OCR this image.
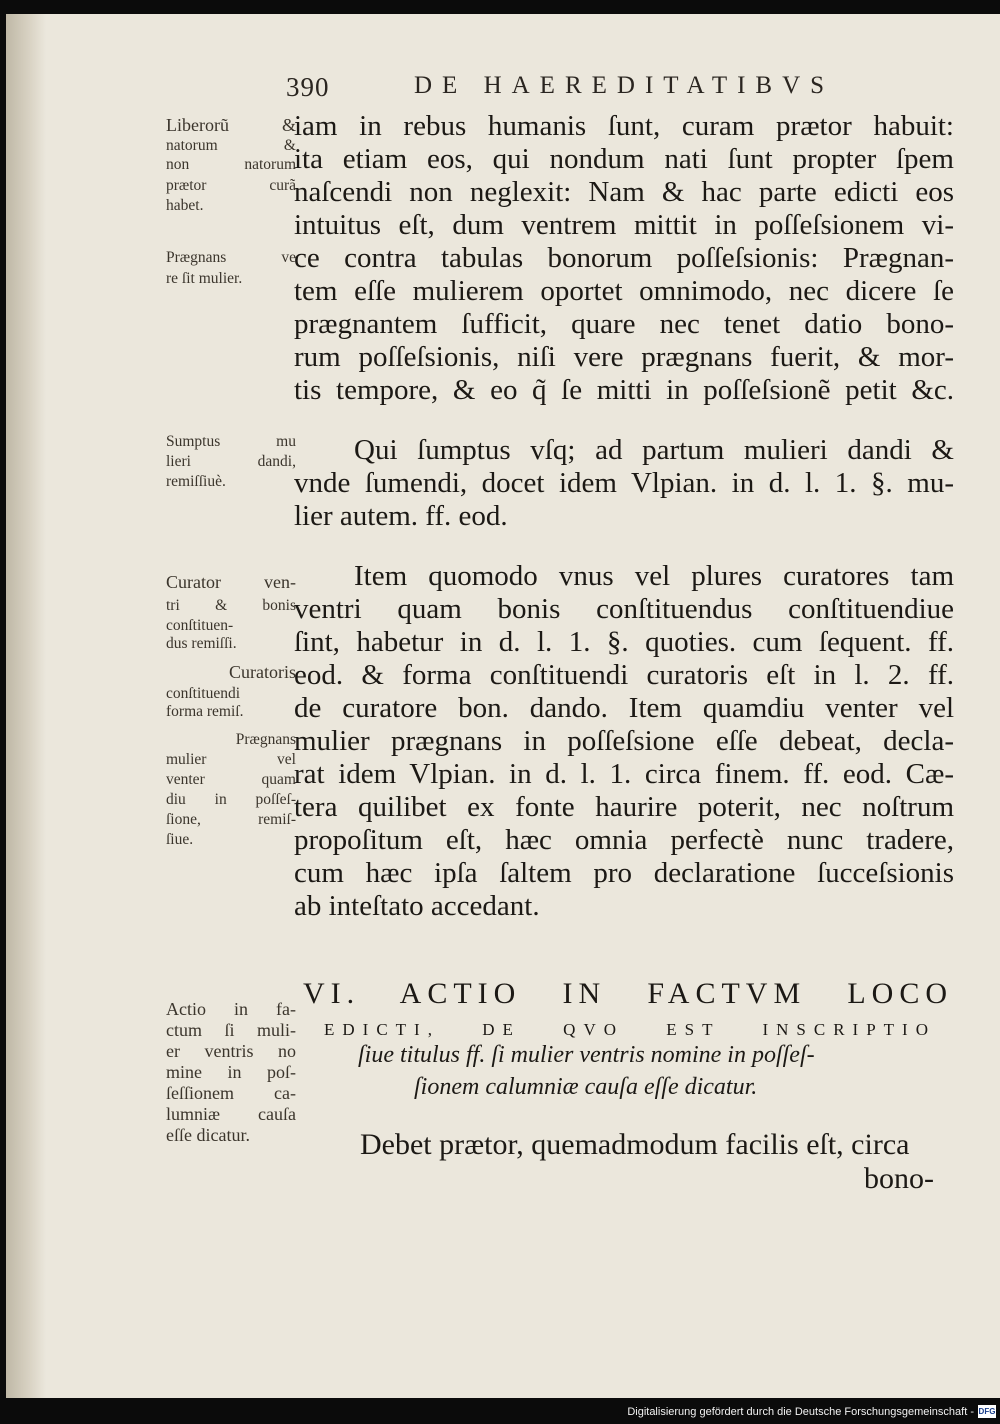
390	DE HAEREDITATIBVS
Liberorũ &
natorum &
non natorum
prætor curã
habet.
Prægnans ve
re ſit mulier.
Sumptus mu
lieri dandi,
remiſſiuè.
Curator ven-
tri & bonis
conſtituen-
dus remiſſi.
Curatoris
conſtituendi
forma remiſ.
Prægnans
mulier vel
venter quam
diu in poſſeſ-
ſione, remiſ-
ſiue.
Actio in fa-
ctum ſi muli-
er ventris no
mine in poſ-
ſeſſionem ca-
lumniæ cauſa
eſſe dicatur.
iam in rebus humanis ſunt, curam prætor habuit:
ita etiam eos, qui nondum nati ſunt propter ſpem
naſcendi non neglexit: Nam & hac parte edicti eos
intuitus eſt, dum ventrem mittit in poſſeſsionem vi-
ce contra tabulas bonorum poſſeſsionis: Prægnan-
tem eſſe mulierem oportet omnimodo, nec dicere ſe
prægnantem ſufficit, quare nec tenet datio bono-
rum poſſeſsionis, niſi vere prægnans fuerit, & mor-
tis tempore, & eo q̃ ſe mitti in poſſeſsionẽ petit &c.
Qui ſumptus vſq; ad partum mulieri dandi &
vnde ſumendi, docet idem Vlpian. in d. l. 1. §. mu-
lier autem. ff. eod.
Item quomodo vnus vel plures curatores tam
ventri quam bonis conſtituendus conſtituendiue
ſint, habetur in d. l. 1. §. quoties. cum ſequent. ff.
eod. & forma conſtituendi curatoris eſt in l. 2. ff.
de curatore bon. dando. Item quamdiu venter vel
mulier prægnans in poſſeſsione eſſe debeat, decla-
rat idem Vlpian. in d. l. 1. circa finem. ff. eod. Cæ-
tera quilibet ex fonte haurire poterit, nec noſtrum
propoſitum eſt, hæc omnia perfectè nunc tradere,
cum hæc ipſa ſaltem pro declaratione ſucceſsionis
ab inteſtato accedant.
VI. ACTIO IN FACTVM LOCO
EDICTI, DE QVO EST INSCRIPTIO
ſiue titulus ff. ſi mulier ventris nomine in poſſeſ-
ſionem calumniæ cauſa eſſe dicatur.
Debet prætor, quemadmodum facilis eſt, circa
bono-
Digitalisierung gefördert durch die Deutsche Forschungsgemeinschaft - DFG
